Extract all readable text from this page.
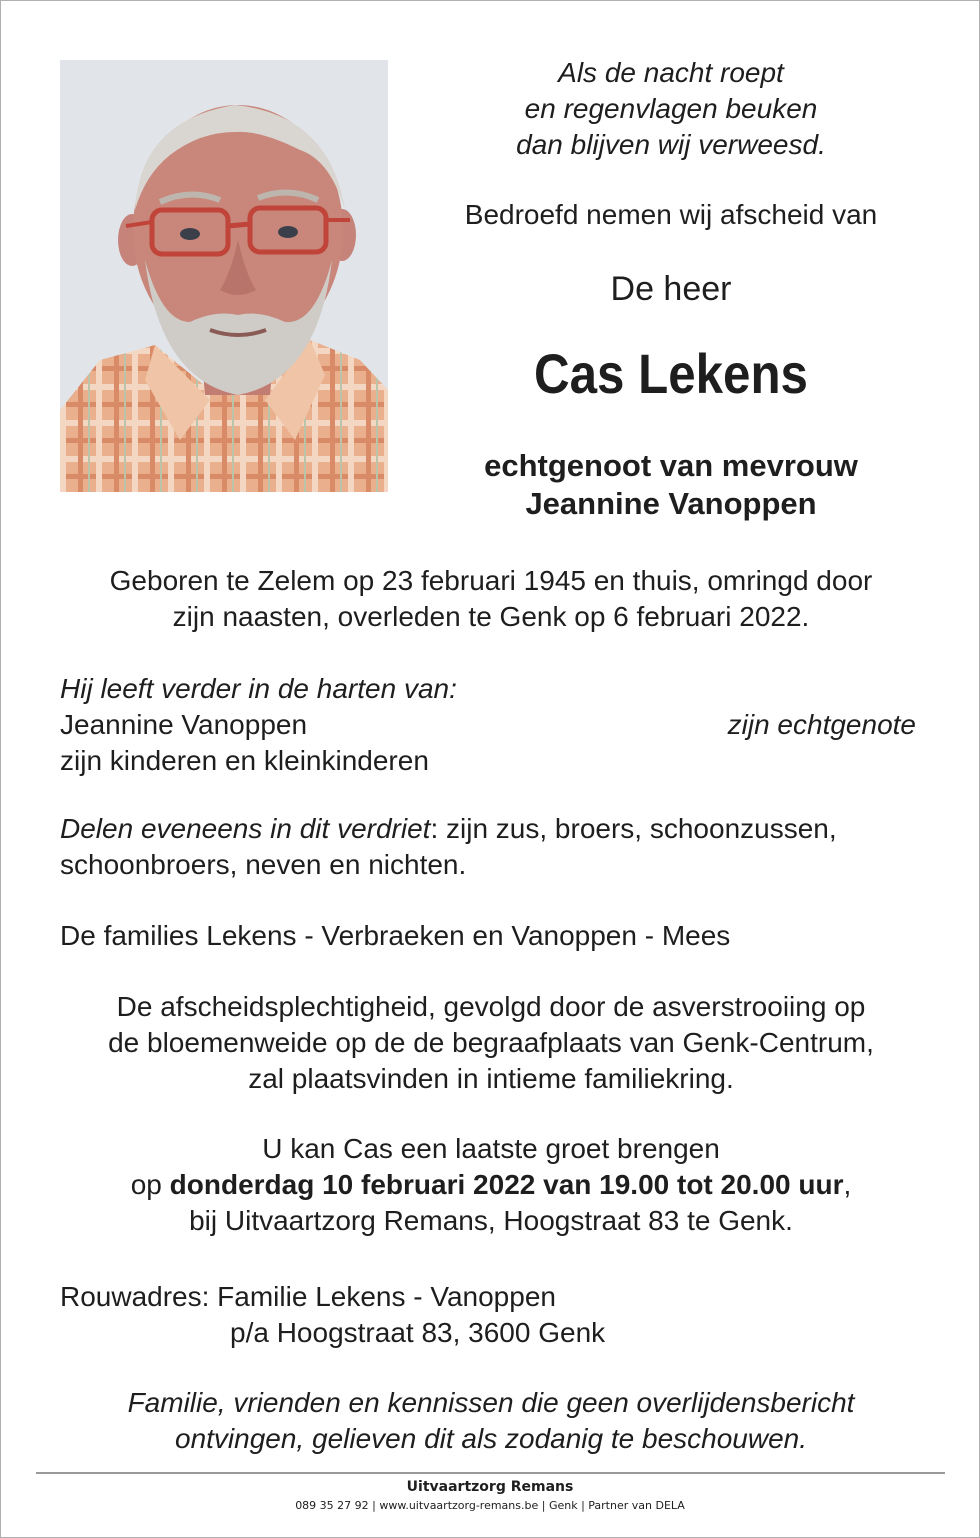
Als de nacht roept
en regenvlagen beuken
dan blijven wij verweesd.

Bedroefd nemen wij afscheid van

De heer

Cas Lekens

echtgenoot van mevrouw
Jeannine Vanoppen

Geboren te Zelem op 23 februari 1945 en thuis, omringd door
zijn naasten, overleden te Genk op 6 februari 2022.

Hij leeft verder in de harten van:
Jeannine Vanoppen	zijn echtgenote
zijn kinderen en kleinkinderen

Delen eveneens in dit verdriet: zijn zus, broers, schoonzussen,
schoonbroers, neven en nichten.

De families Lekens - Verbraeken en Vanoppen - Mees

De afscheidsplechtigheid, gevolgd door de asverstrooiing op
de bloemenweide op de de begraafplaats van Genk-Centrum,
zal plaatsvinden in intieme familiekring.

U kan Cas een laatste groet brengen
op donderdag 10 februari 2022 van 19.00 tot 20.00 uur,
bij Uitvaartzorg Remans, Hoogstraat 83 te Genk.

Rouwadres: Familie Lekens - Vanoppen
p/a Hoogstraat 83, 3600 Genk

Familie, vrienden en kennissen die geen overlijdensbericht
ontvingen, gelieven dit als zodanig te beschouwen.

Uitvaartzorg Remans

089 35 27 92 | www.uitvaartzorg-remans.be | Genk | Partner van DELA
